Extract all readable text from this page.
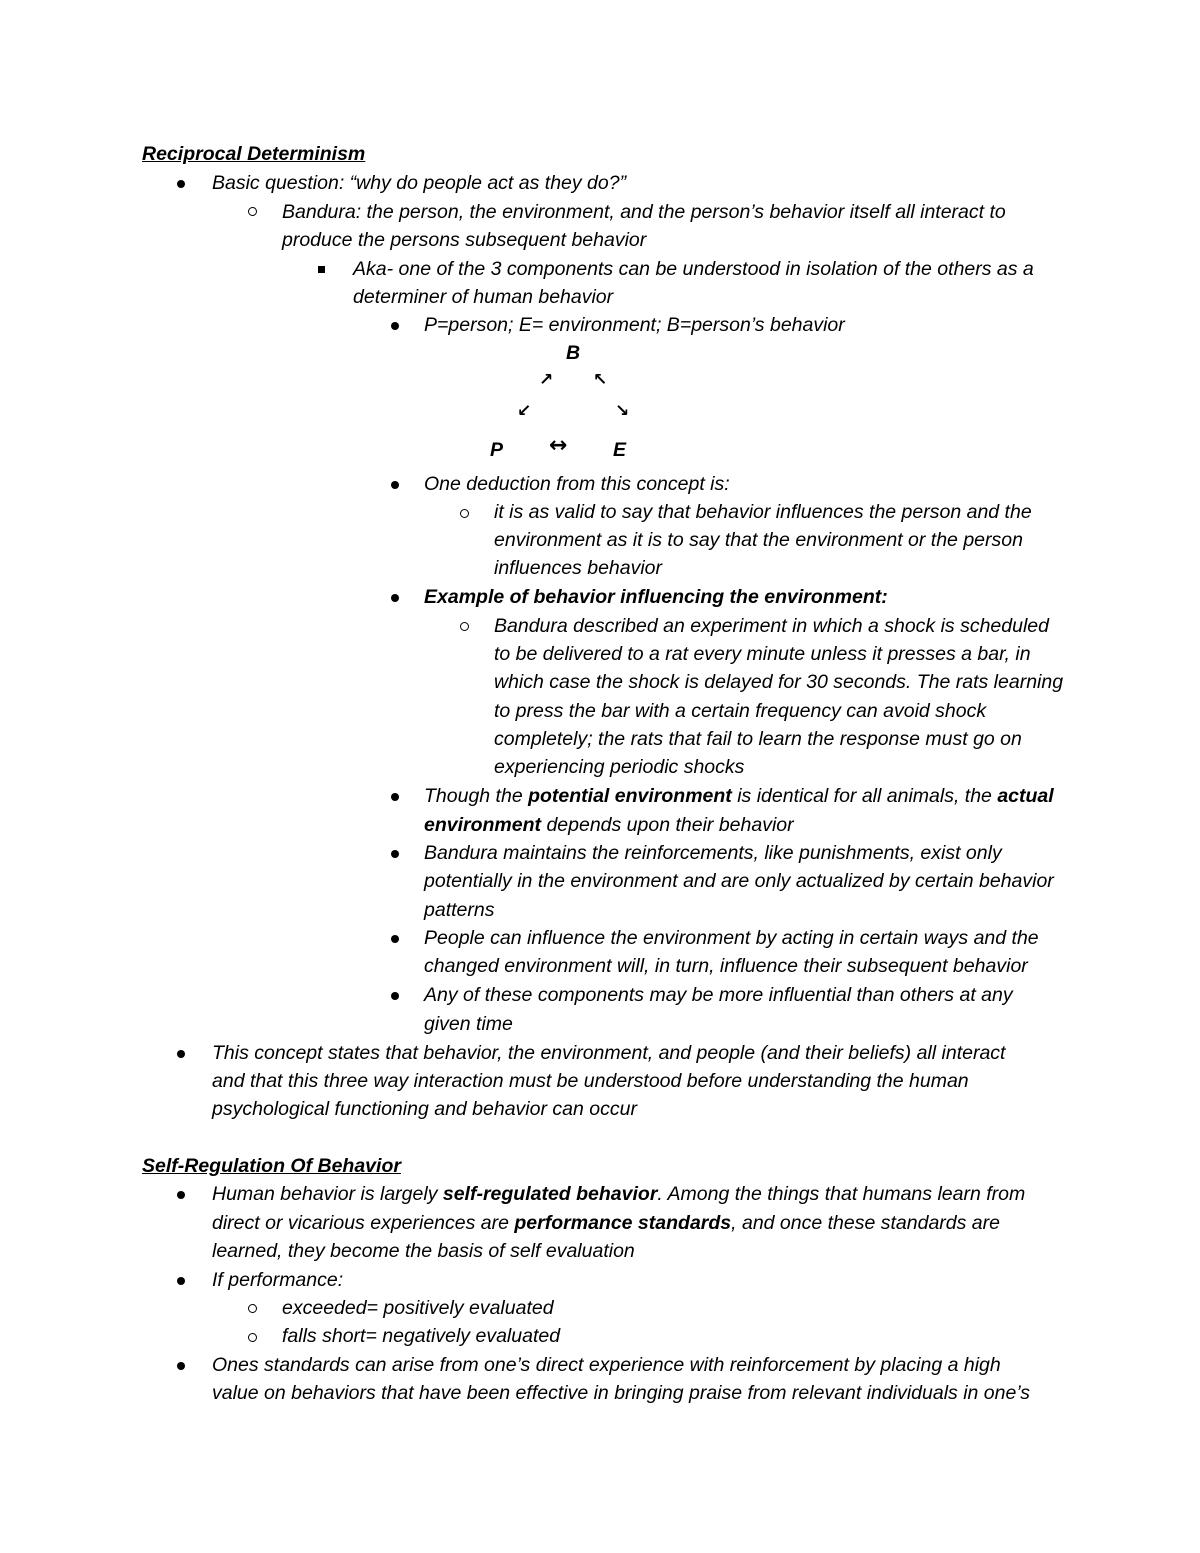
Reciprocal Determinism
Basic question: “why do people act as they do?”
Bandura: the person, the environment, and the person’s behavior itself all interact to
produce the persons subsequent behavior
Aka- one of the 3 components can be understood in isolation of the others as a
determiner of human behavior
P=person; E= environment; B=person’s behavior
B
↗ ↖
↙	↘
P ↔ E
One deduction from this concept is:
it is as valid to say that behavior influences the person and the
environment as it is to say that the environment or the person
influences behavior
Example of behavior influencing the environment:
Bandura described an experiment in which a shock is scheduled
to be delivered to a rat every minute unless it presses a bar, in
which case the shock is delayed for 30 seconds. The rats learning
to press the bar with a certain frequency can avoid shock
completely; the rats that fail to learn the response must go on
experiencing periodic shocks
Though the potential environment is identical for all animals, the actual
environment depends upon their behavior
Bandura maintains the reinforcements, like punishments, exist only
potentially in the environment and are only actualized by certain behavior
patterns
People can influence the environment by acting in certain ways and the
changed environment will, in turn, influence their subsequent behavior
Any of these components may be more influential than others at any
given time
This concept states that behavior, the environment, and people (and their beliefs) all interact
and that this three way interaction must be understood before understanding the human
psychological functioning and behavior can occur
Self-Regulation Of Behavior
Human behavior is largely self-regulated behavior. Among the things that humans learn from
direct or vicarious experiences are performance standards, and once these standards are
learned, they become the basis of self evaluation
If performance:
exceeded= positively evaluated
falls short= negatively evaluated
Ones standards can arise from one’s direct experience with reinforcement by placing a high
value on behaviors that have been effective in bringing praise from relevant individuals in one’s
